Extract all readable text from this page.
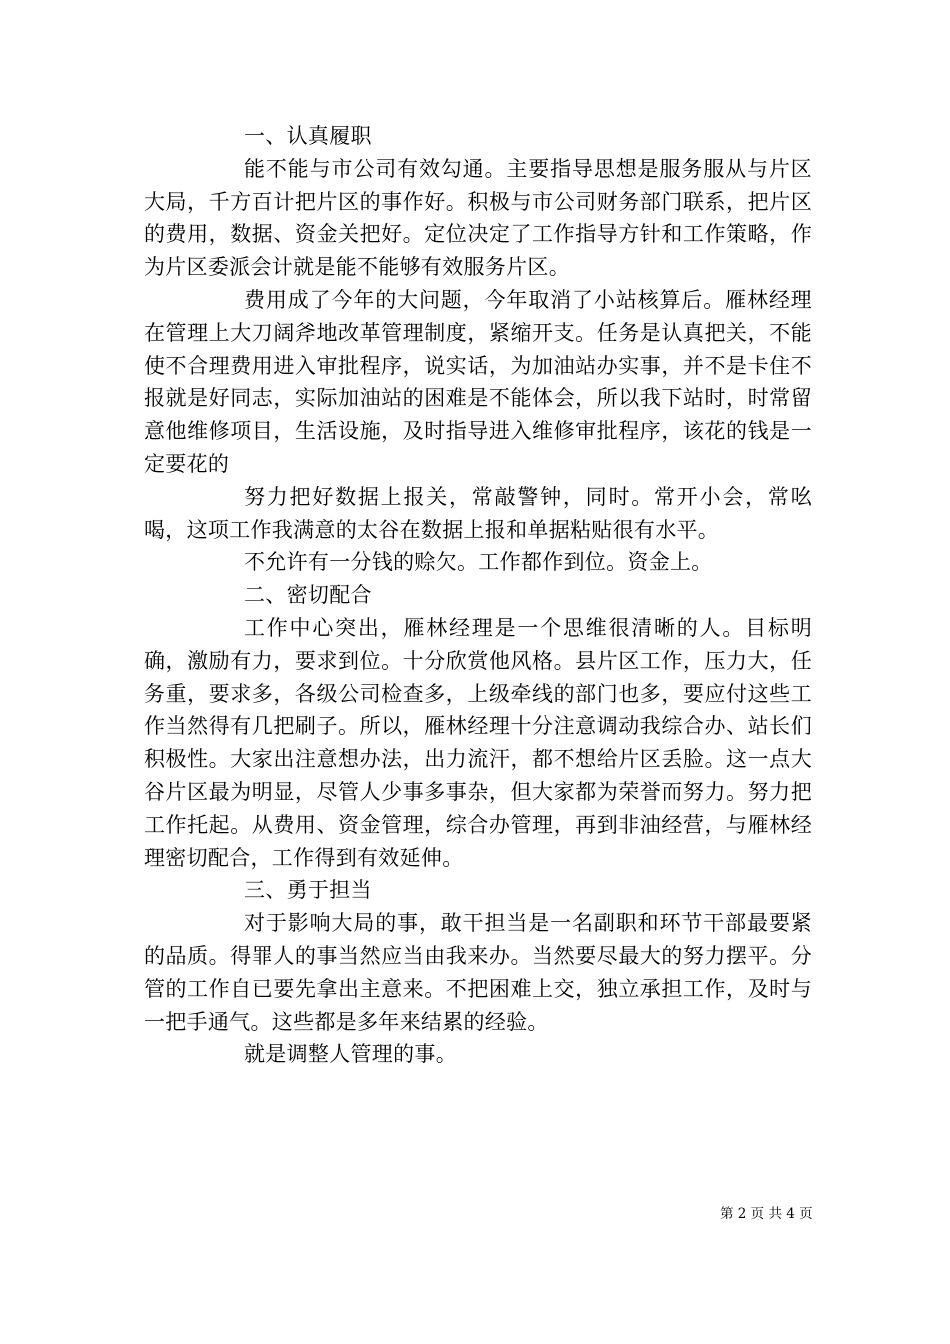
一、认真履职

能不能与市公司有效勾通。主要指导思想是服务服从与片区大局，千方百计把片区的事作好。积极与市公司财务部门联系，把片区的费用，数据、资金关把好。定位决定了工作指导方针和工作策略，作为片区委派会计就是能不能够有效服务片区。

费用成了今年的大问题，今年取消了小站核算后。雁林经理在管理上大刀阔斧地改革管理制度，紧缩开支。任务是认真把关，不能使不合理费用进入审批程序，说实话，为加油站办实事，并不是卡住不报就是好同志，实际加油站的困难是不能体会，所以我下站时，时常留意他维修项目，生活设施，及时指导进入维修审批程序，该花的钱是一定要花的

努力把好数据上报关，常敲警钟，同时。常开小会，常吆喝，这项工作我满意的太谷在数据上报和单据粘贴很有水平。

不允许有一分钱的赊欠。工作都作到位。资金上。

二、密切配合

工作中心突出，雁林经理是一个思维很清晰的人。目标明确，激励有力，要求到位。十分欣赏他风格。县片区工作，压力大，任务重，要求多，各级公司检查多，上级牵线的部门也多，要应付这些工作当然得有几把刷子。所以，雁林经理十分注意调动我综合办、站长们积极性。大家出注意想办法，出力流汗，都不想给片区丢脸。这一点大谷片区最为明显，尽管人少事多事杂，但大家都为荣誉而努力。努力把工作托起。从费用、资金管理，综合办管理，再到非油经营，与雁林经理密切配合，工作得到有效延伸。

三、勇于担当

对于影响大局的事，敢干担当是一名副职和环节干部最要紧的品质。得罪人的事当然应当由我来办。当然要尽最大的努力摆平。分管的工作自已要先拿出主意来。不把困难上交，独立承担工作，及时与一把手通气。这些都是多年来结累的经验。

就是调整人管理的事。

第 2 页 共 4 页
